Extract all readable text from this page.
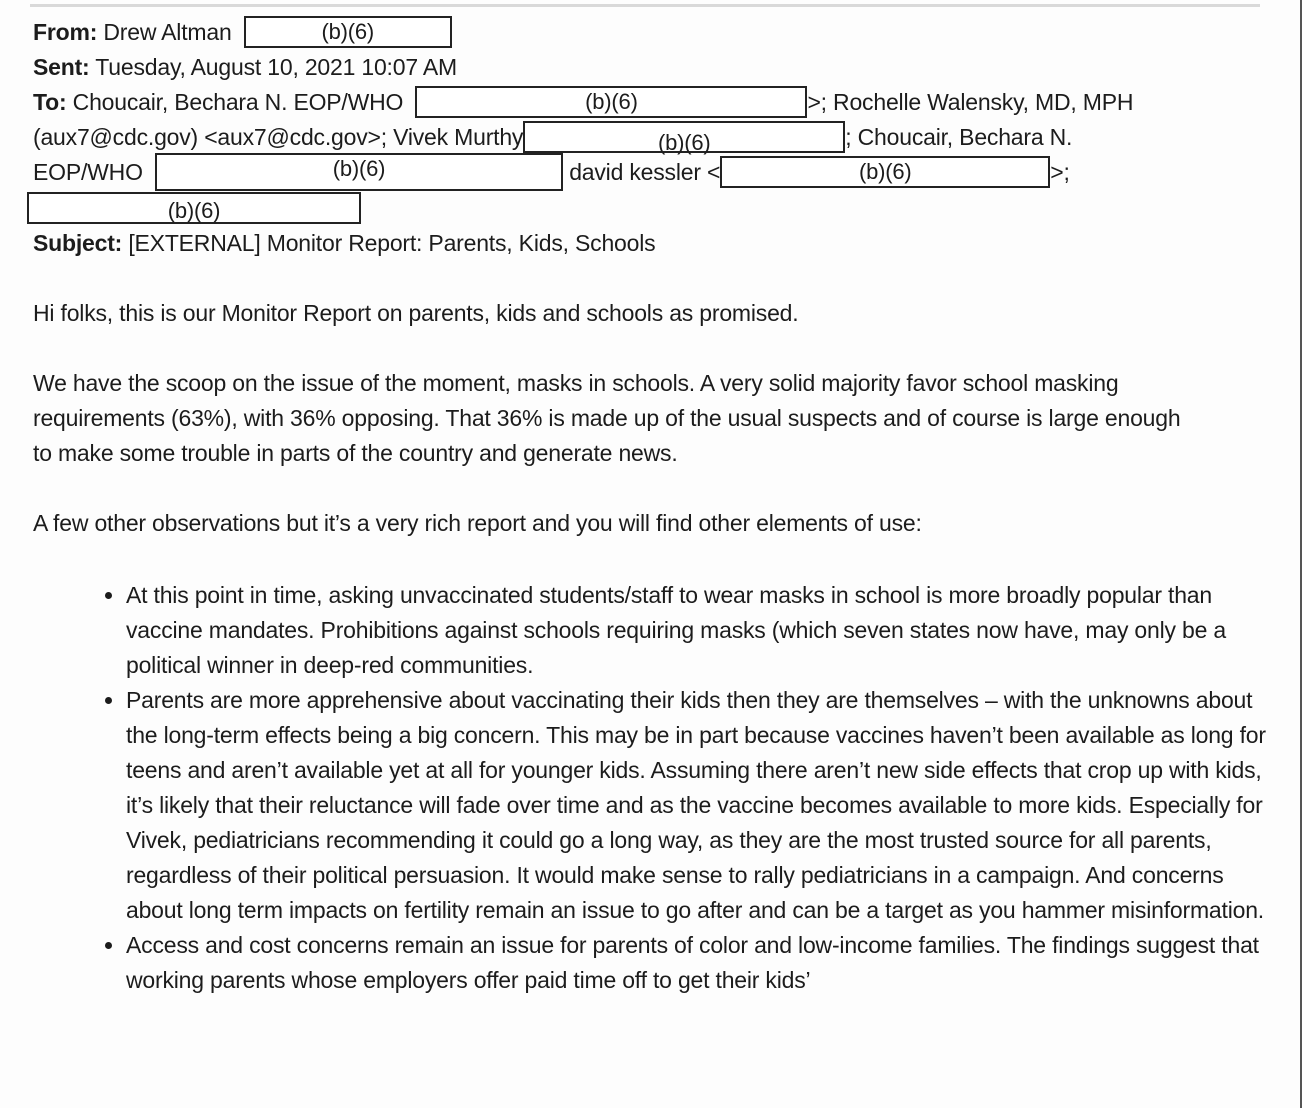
From: Drew Altman	(b)(6)
Sent: Tuesday, August 10, 2021 10:07 AM
To: Choucair, Bechara N. EOP/WHO	(b)(6)	>; Rochelle Walensky, MD, MPH
(aux7@cdc.gov) <aux7@cdc.gov>; Vivek Murthy	(b)(6)	; Choucair, Bechara N.
EOP/WHO	(b)(6)	david kessler <	(b)(6)	>;
(b)(6)
Subject: [EXTERNAL] Monitor Report: Parents, Kids, Schools

Hi folks, this is our Monitor Report on parents, kids and schools as promised.

We have the scoop on the issue of the moment, masks in schools. A very solid majority favor school masking requirements (63%), with 36% opposing. That 36% is made up of the usual suspects and of course is large enough to make some trouble in parts of the country and generate news.

A few other observations but it’s a very rich report and you will find other elements of use:

At this point in time, asking unvaccinated students/staff to wear masks in school is more broadly popular than vaccine mandates. Prohibitions against schools requiring masks (which seven states now have, may only be a political winner in deep-red communities.
Parents are more apprehensive about vaccinating their kids then they are themselves – with the unknowns about the long-term effects being a big concern. This may be in part because vaccines haven’t been available as long for teens and aren’t available yet at all for younger kids. Assuming there aren’t new side effects that crop up with kids, it’s likely that their reluctance will fade over time and as the vaccine becomes available to more kids. Especially for Vivek, pediatricians recommending it could go a long way, as they are the most trusted source for all parents, regardless of their political persuasion. It would make sense to rally pediatricians in a campaign. And concerns about long term impacts on fertility remain an issue to go after and can be a target as you hammer misinformation.
Access and cost concerns remain an issue for parents of color and low-income families. The findings suggest that working parents whose employers offer paid time off to get their kids’
